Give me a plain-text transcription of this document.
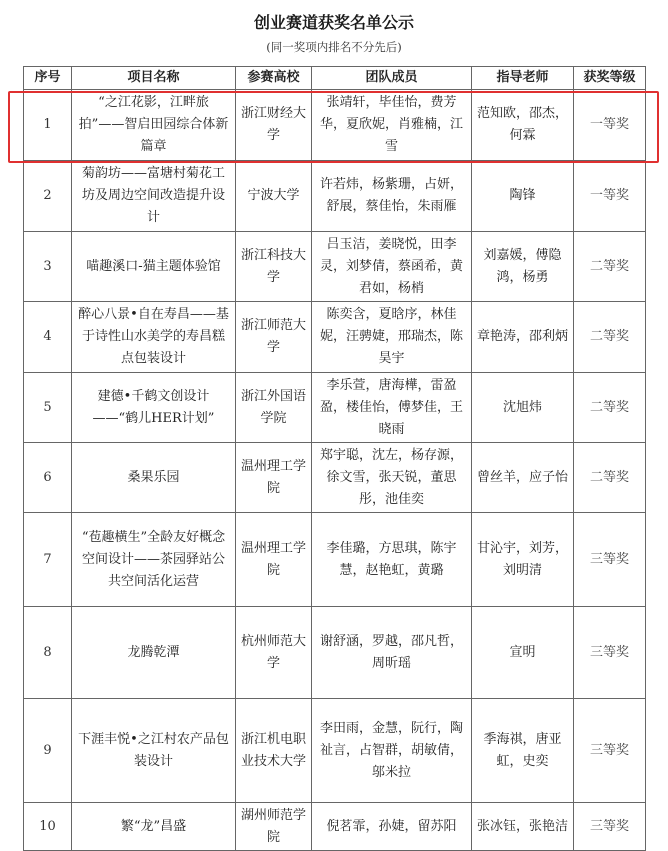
创业赛道获奖名单公示
(同一奖项内排名不分先后)
序号	项目名称	参赛高校	团队成员	指导老师	获奖等级
1	“之江花影，江畔旅拍”——智启田园综合体新篇章	浙江财经大学	张靖轩，毕佳怡，费芳华，夏欣妮，肖雅楠，江雪	范知欧，邵杰，何霖	一等奖
2	菊韵坊——富塘村菊花工坊及周边空间改造提升设计	宁波大学	许若炜，杨紫珊，占妍，舒展，蔡佳怡，朱雨雁	陶锋	一等奖
3	喵趣溪口-猫主题体验馆	浙江科技大学	吕玉洁，姜晓悦，田李灵，刘梦倩，蔡函希，黄君如，杨梢	刘嘉媛，傅隐鸿，杨勇	二等奖
4	醉心八景•自在寿昌——基于诗性山水美学的寿昌糕点包装设计	浙江师范大学	陈奕含，夏晗序，林佳妮，汪骋婕，邢瑞杰，陈昊宇	章艳涛，邵利炳	二等奖
5	建德•千鹤文创设计——“鹤儿HER计划”	浙江外国语学院	李乐萱，唐海樺，雷盈盈，楼佳怡，傅梦佳，王晓雨	沈旭炜	二等奖
6	桑果乐园	温州理工学院	郑宇聪，沈左，杨存源，徐文雪，张天锐，董思彤，池佳奕	曾丝羊，应子怡	二等奖
7	“苞趣横生”全龄友好概念空间设计——茶园驿站公共空间活化运营	温州理工学院	李佳璐，方思琪，陈宇慧，赵艳虹，黄璐	甘沁宇，刘芳，刘明清	三等奖
8	龙腾乾潭	杭州师范大学	谢舒涵，罗越，邵凡哲，周昕瑶	宣明	三等奖
9	下涯丰悦•之江村农产品包装设计	浙江机电职业技术大学	李田雨，金慧，阮行，陶祉言，占智群，胡敏倩，邬米拉	季海祺，唐亚虹，史奕	三等奖
10	繁“龙”昌盛	湖州师范学院	倪茗霏，孙婕，留苏阳	张冰钰，张艳洁	三等奖
